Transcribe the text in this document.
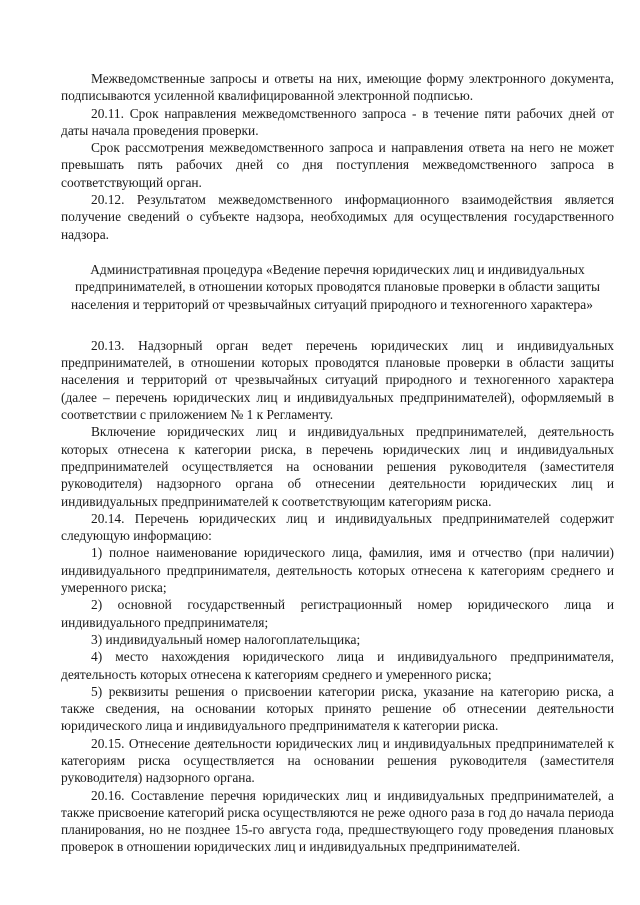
Межведомственные запросы и ответы на них, имеющие форму электронного документа, подписываются усиленной квалифицированной электронной подписью.

20.11. Срок направления межведомственного запроса - в течение пяти рабочих дней от даты начала проведения проверки.

Срок рассмотрения межведомственного запроса и направления ответа на него не может превышать пять рабочих дней со дня поступления межведомственного запроса в соответствующий орган.

20.12. Результатом межведомственного информационного взаимодействия является получение сведений о субъекте надзора, необходимых для осуществления государственного надзора.

Административная процедура «Ведение перечня юридических лиц и индивидуальных предпринимателей, в отношении которых проводятся плановые проверки в области защиты населения и территорий от чрезвычайных ситуаций природного и техногенного характера»

20.13. Надзорный орган ведет перечень юридических лиц и индивидуальных предпринимателей, в отношении которых проводятся плановые проверки в области защиты населения и территорий от чрезвычайных ситуаций природного и техногенного характера (далее – перечень юридических лиц и индивидуальных предпринимателей), оформляемый в соответствии с приложением № 1 к Регламенту.

Включение юридических лиц и индивидуальных предпринимателей, деятельность которых отнесена к категории риска, в перечень юридических лиц и индивидуальных предпринимателей осуществляется на основании решения руководителя (заместителя руководителя) надзорного органа об отнесении деятельности юридических лиц и индивидуальных предпринимателей к соответствующим категориям риска.

20.14. Перечень юридических лиц и индивидуальных предпринимателей содержит следующую информацию:

1) полное наименование юридического лица, фамилия, имя и отчество (при наличии) индивидуального предпринимателя, деятельность которых отнесена к категориям среднего и умеренного риска;

2) основной государственный регистрационный номер юридического лица и индивидуального предпринимателя;

3) индивидуальный номер налогоплательщика;

4) место нахождения юридического лица и индивидуального предпринимателя, деятельность которых отнесена к категориям среднего и умеренного риска;

5) реквизиты решения о присвоении категории риска, указание на категорию риска, а также сведения, на основании которых принято решение об отнесении деятельности юридического лица и индивидуального предпринимателя к категории риска.

20.15. Отнесение деятельности юридических лиц и индивидуальных предпринимателей к категориям риска осуществляется на основании решения руководителя (заместителя руководителя) надзорного органа.

20.16. Составление перечня юридических лиц и индивидуальных предпринимателей, а также присвоение категорий риска осуществляются не реже одного раза в год до начала периода планирования, но не позднее 15-го августа года, предшествующего году проведения плановых проверок в отношении юридических лиц и индивидуальных предпринимателей.
